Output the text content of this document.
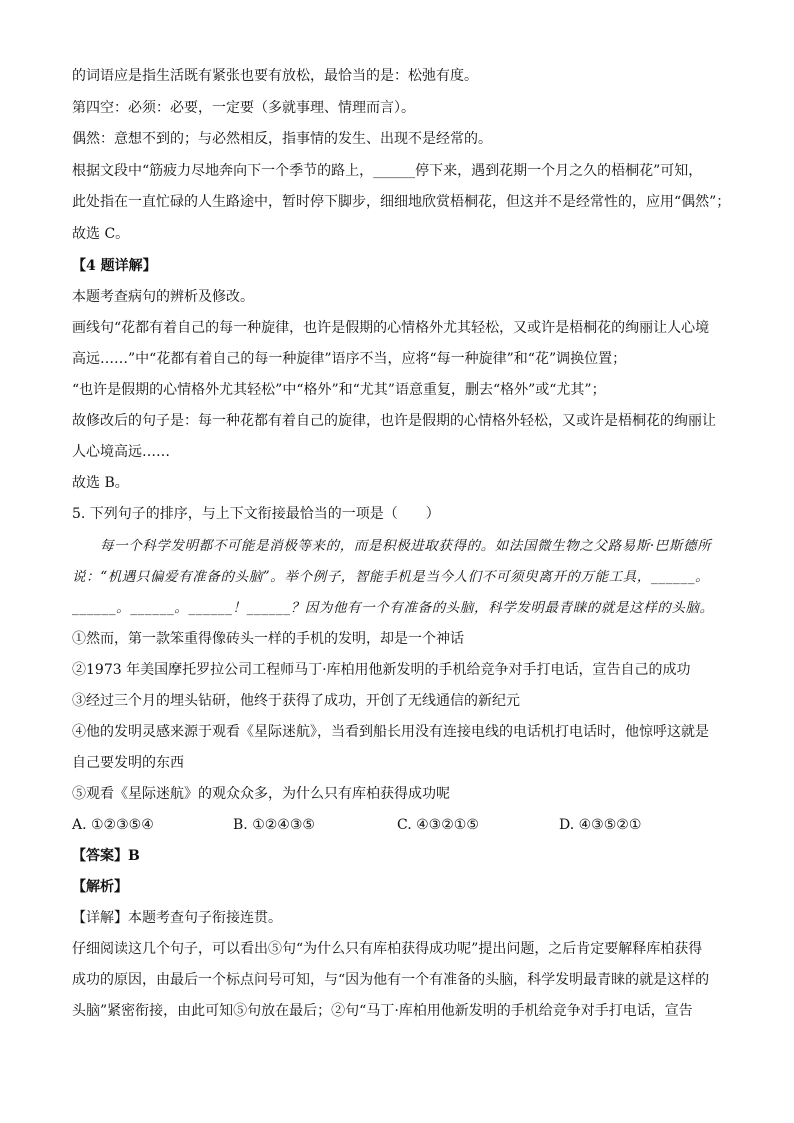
的词语应是指生活既有紧张也要有放松，最恰当的是：松弛有度。
第四空：必须：必要，一定要（多就事理、情理而言）。
偶然：意想不到的；与必然相反，指事情的发生、出现不是经常的。
根据文段中“筋疲力尽地奔向下一个季节的路上，______停下来，遇到花期一个月之久的梧桐花”可知，
此处指在一直忙碌的人生路途中，暂时停下脚步，细细地欣赏梧桐花，但这并不是经常性的，应用“偶然”；
故选 C。
【4 题详解】
本题考查病句的辨析及修改。
画线句“花都有着自己的每一种旋律，也许是假期的心情格外尤其轻松，又或许是梧桐花的绚丽让人心境
高远……”中“花都有着自己的每一种旋律”语序不当，应将“每一种旋律”和“花”调换位置；
“也许是假期的心情格外尤其轻松”中“格外”和“尤其”语意重复，删去“格外”或“尤其”；
故修改后的句子是：每一种花都有着自己的旋律，也许是假期的心情格外轻松，又或许是梧桐花的绚丽让
人心境高远……
故选 B。
5. 下列句子的排序，与上下文衔接最恰当的一项是（　　）
每一个科学发明都不可能是消极等来的，而是积极进取获得的。如法国微生物之父路易斯·巴斯德所
说：“机遇只偏爱有准备的头脑”。举个例子，智能手机是当今人们不可须臾离开的万能工具，______。
______。______。______！______？因为他有一个有准备的头脑，科学发明最青睐的就是这样的头脑。
①然而，第一款笨重得像砖头一样的手机的发明，却是一个神话
②1973 年美国摩托罗拉公司工程师马丁·库柏用他新发明的手机给竞争对手打电话，宣告自己的成功
③经过三个月的埋头钻研，他终于获得了成功，开创了无线通信的新纪元
④他的发明灵感来源于观看《星际迷航》，当看到船长用没有连接电线的电话机打电话时，他惊呼这就是
自己要发明的东西
⑤观看《星际迷航》的观众众多，为什么只有库柏获得成功呢
A. ①②③⑤④	B. ①②④③⑤	C. ④③②①⑤	D. ④③⑤②①
【答案】B
【解析】
【详解】本题考查句子衔接连贯。
仔细阅读这几个句子，可以看出⑤句“为什么只有库柏获得成功呢”提出问题，之后肯定要解释库柏获得
成功的原因，由最后一个标点问号可知，与“因为他有一个有准备的头脑，科学发明最青睐的就是这样的
头脑”紧密衔接，由此可知⑤句放在最后；②句“马丁·库柏用他新发明的手机给竞争对手打电话，宣告
